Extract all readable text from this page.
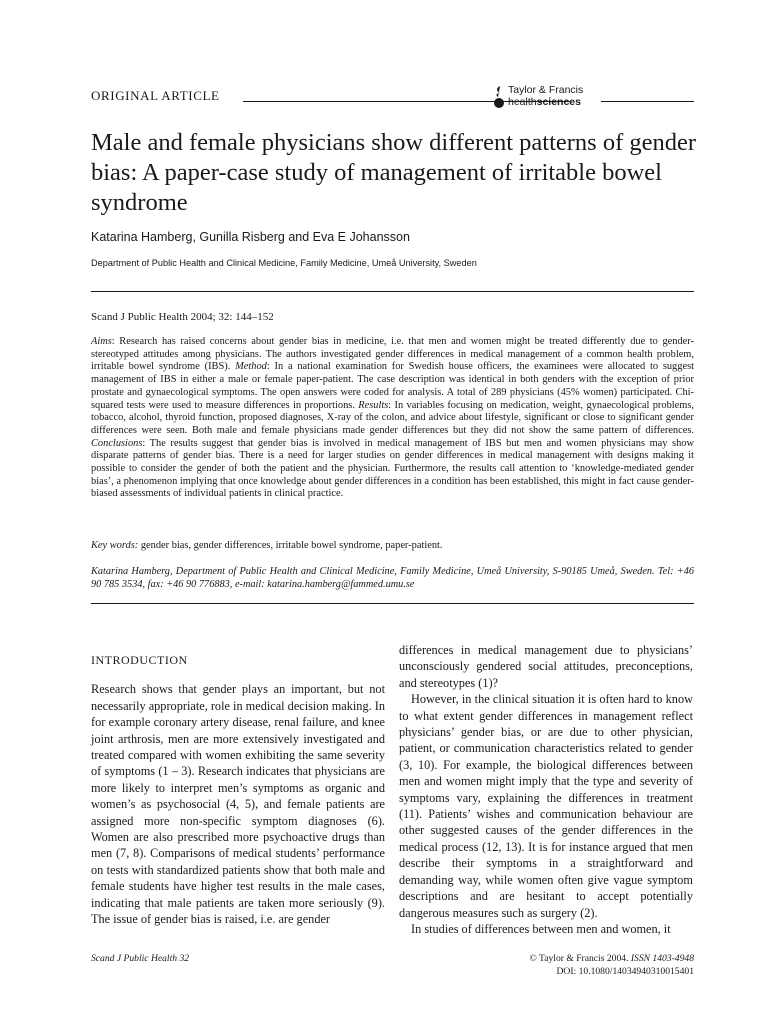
ORIGINAL ARTICLE	Taylor & Francis
healthsciences
Male and female physicians show different patterns of gender bias: A paper-case study of management of irritable bowel syndrome
Katarina Hamberg, Gunilla Risberg and Eva E Johansson
Department of Public Health and Clinical Medicine, Family Medicine, Umeå University, Sweden
Scand J Public Health 2004; 32: 144–152

Aims: Research has raised concerns about gender bias in medicine, i.e. that men and women might be treated differently due to gender-stereotyped attitudes among physicians. The authors investigated gender differences in medical management of a common health problem, irritable bowel syndrome (IBS). Method: In a national examination for Swedish house officers, the examinees were allocated to suggest management of IBS in either a male or female paper-patient. The case description was identical in both genders with the exception of prior prostate and gynaecological symptoms. The open answers were coded for analysis. A total of 289 physicians (45% women) participated. Chi-squared tests were used to measure differences in proportions. Results: In variables focusing on medication, weight, gynaecological problems, tobacco, alcohol, thyroid function, proposed diagnoses, X-ray of the colon, and advice about lifestyle, significant or close to significant gender differences were seen. Both male and female physicians made gender differences but they did not show the same pattern of differences. Conclusions: The results suggest that gender bias is involved in medical management of IBS but men and women physicians may show disparate patterns of gender bias. There is a need for larger studies on gender differences in medical management with designs making it possible to consider the gender of both the patient and the physician. Furthermore, the results call attention to ‘knowledge-mediated gender bias’, a phenomenon implying that once knowledge about gender differences in a condition has been established, this might in fact cause gender-biased assessments of individual patients in clinical practice.

Key words: gender bias, gender differences, irritable bowel syndrome, paper-patient.
Katarina Hamberg, Department of Public Health and Clinical Medicine, Family Medicine, Umeå University, S-90185 Umeå, Sweden. Tel: +46 90 785 3534, fax: +46 90 776883, e-mail: katarina.hamberg@fammed.umu.se
INTRODUCTION

Research shows that gender plays an important, but not necessarily appropriate, role in medical decision making. In for example coronary artery disease, renal failure, and knee joint arthrosis, men are more extensively investigated and treated compared with women exhibiting the same severity of symptoms (1 – 3). Research indicates that physicians are more likely to interpret men’s symptoms as organic and women’s as psychosocial (4, 5), and female patients are assigned more non-specific symptom diagnoses (6). Women are also prescribed more psychoactive drugs than men (7, 8). Comparisons of medical students’ performance on tests with standardized patients show that both male and female students have higher test results in the male cases, indicating that male patients are taken more seriously (9). The issue of gender bias is raised, i.e. are gender

differences in medical management due to physicians’ unconsciously gendered social attitudes, preconceptions, and stereotypes (1)?

However, in the clinical situation it is often hard to know to what extent gender differences in management reflect physicians’ gender bias, or are due to other physician, patient, or communication characteristics related to gender (3, 10). For example, the biological differences between men and women might imply that the type and severity of symptoms vary, explaining the differences in treatment (11). Patients’ wishes and communication behaviour are other suggested causes of the gender differences in the medical process (12, 13). It is for instance argued that men describe their symptoms in a straightforward and demanding way, while women often give vague symptom descriptions and are hesitant to accept potentially dangerous measures such as surgery (2).

In studies of differences between men and women, it

Scand J Public Health 32	© Taylor & Francis 2004. ISSN 1403-4948
DOI: 10.1080/14034940310015401
